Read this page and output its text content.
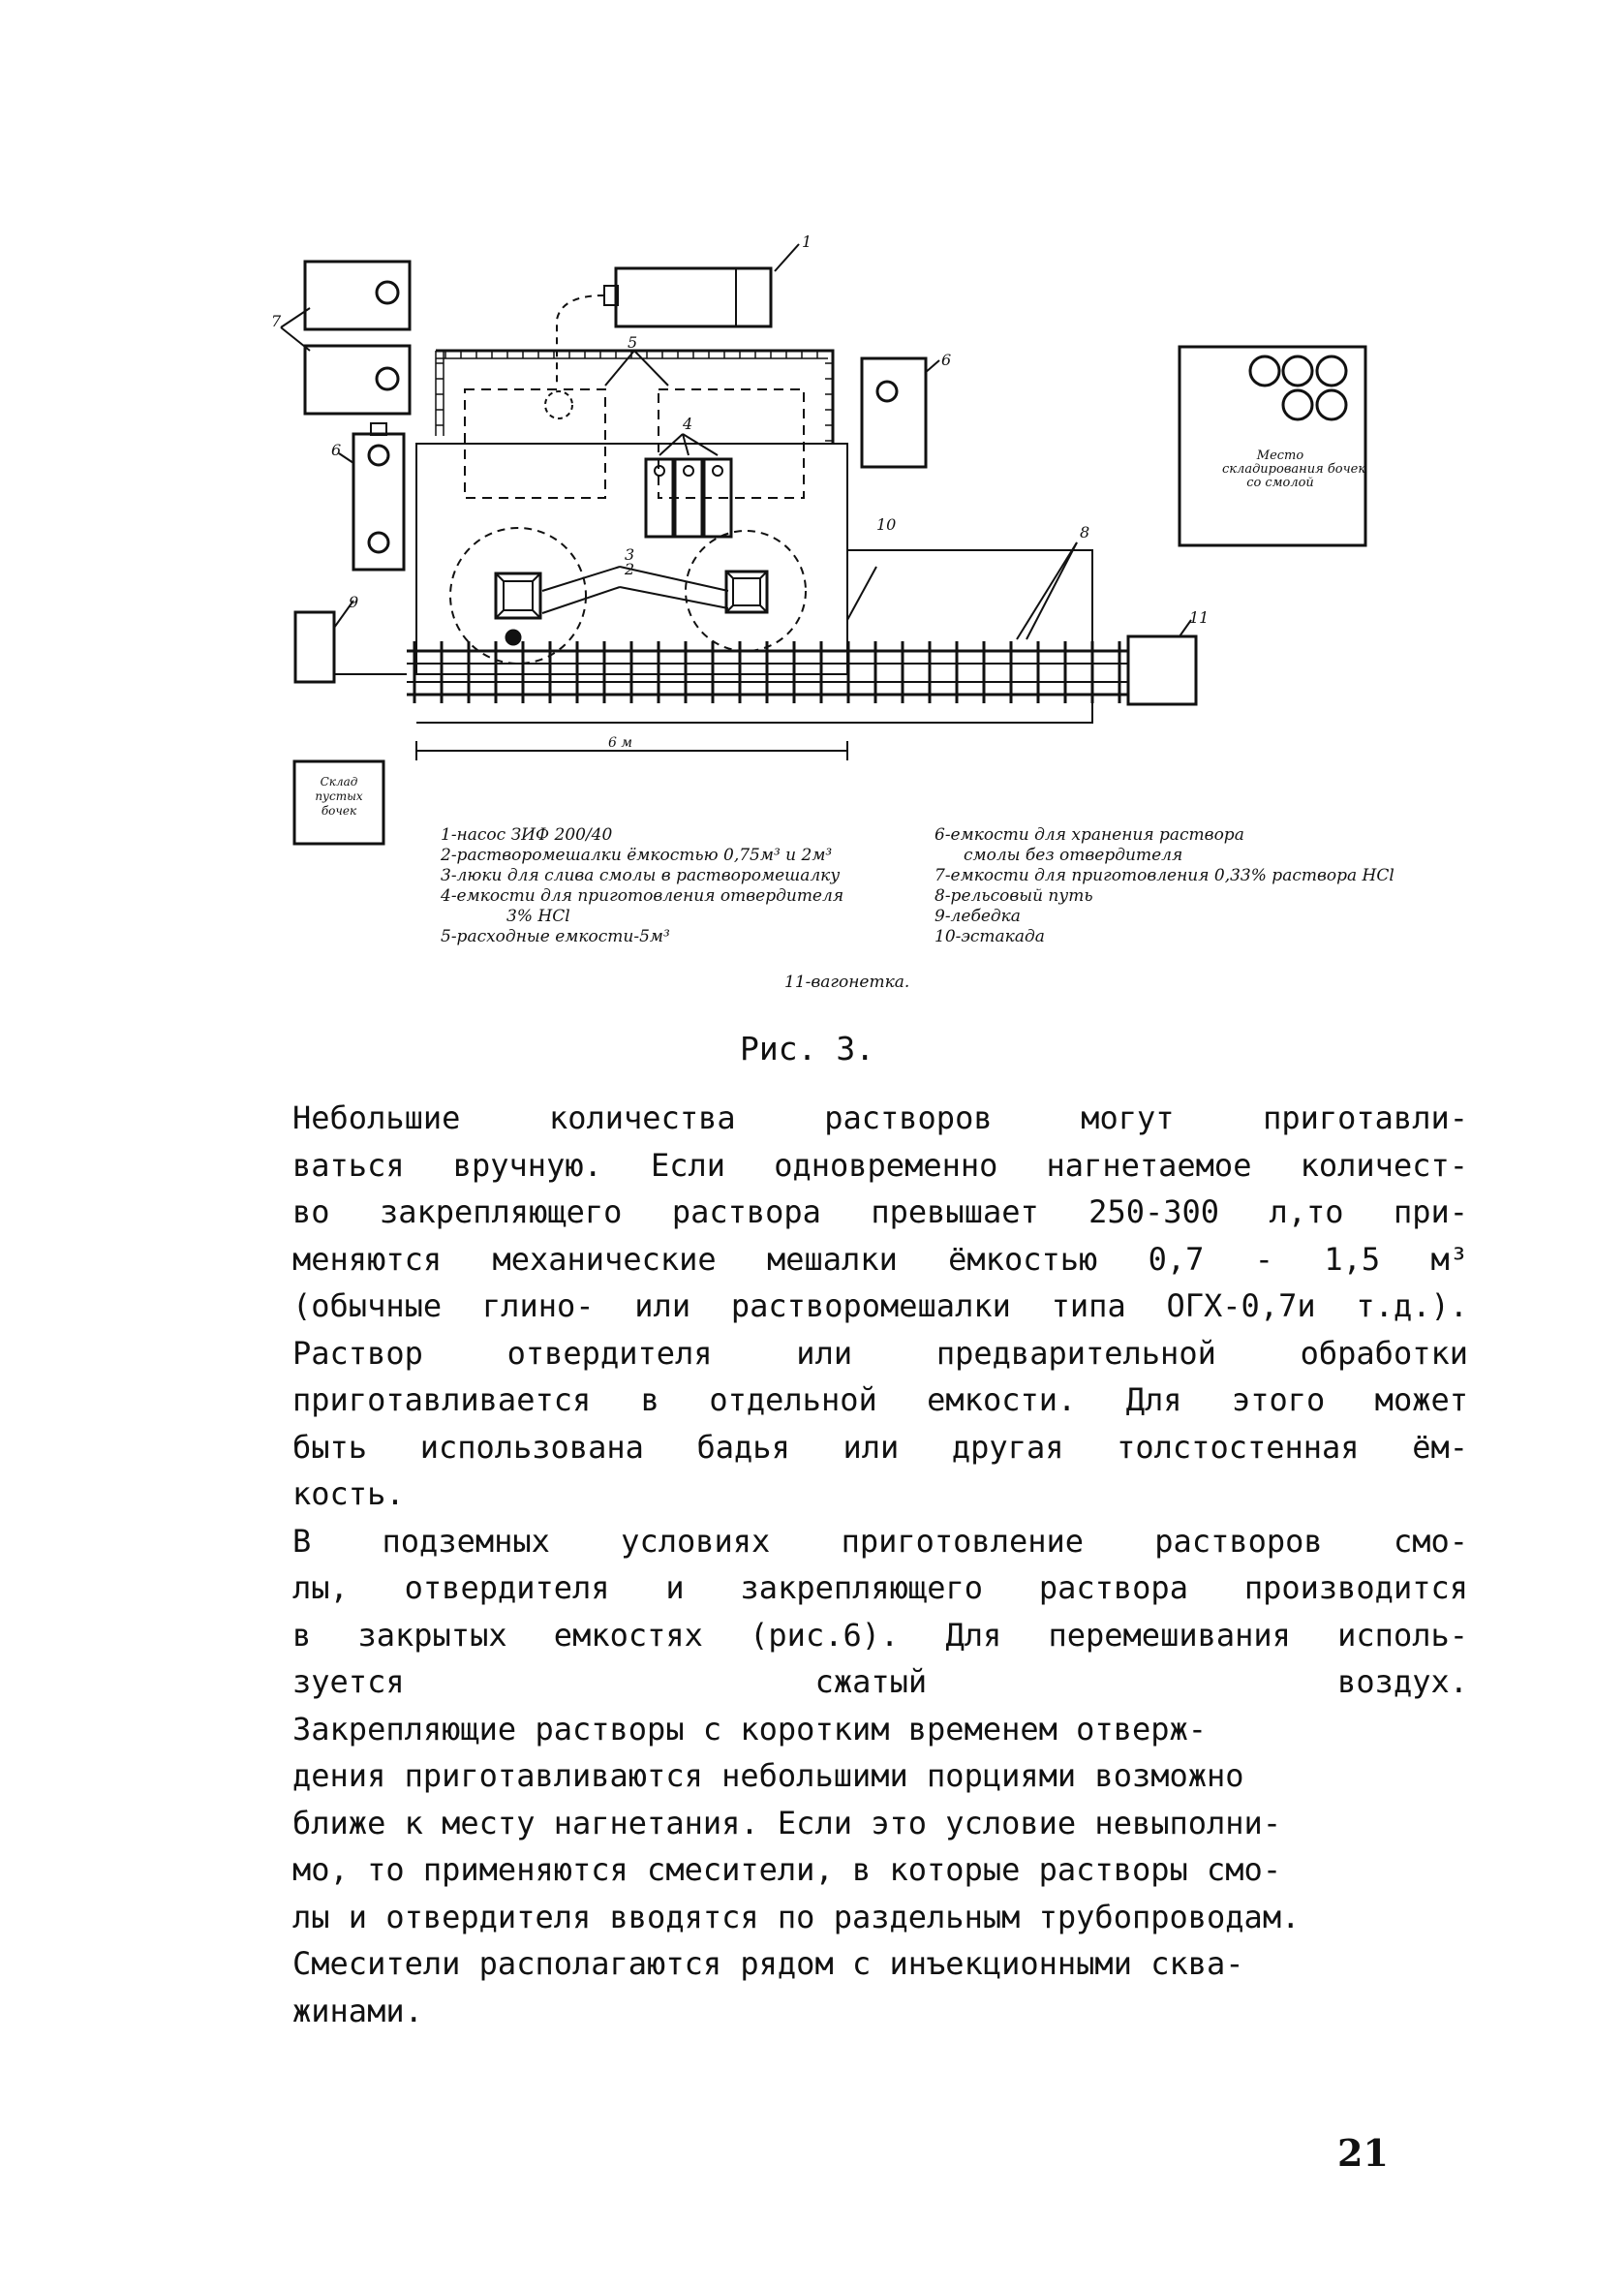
1
2
3
4
5
6
6
7
8
9
10
11
Место
складирования бочек
со смолой
Склад
пустых
бочек
6 м
1-насос ЗИФ 200/40
2-растворомешалки ёмкостью 0,75м³ и 2м³
3-люки для слива смолы в растворомешалку
4-емкости для приготовления отвердителя
3% HCl
5-расходные емкости-5м³
6-емкости для хранения раствора
смолы без отвердителя
7-емкости для приготовления 0,33% раствора HCl
8-рельсовый путь
9-лебедка
10-эстакада
11-вагонетка.
Рис. 3.

Небольшие количества растворов могут приготавли-
ваться вручную. Если одновременно нагнетаемое количест-
во закрепляющего раствора превышает 250-300 л,то при-
меняются механические мешалки ёмкостью 0,7 - 1,5 м³
(обычные глино- или растворомешалки типа ОГХ-0,7и т.д.).

Раствор отвердителя или предварительной обработки
приготавливается в отдельной емкости. Для этого может
быть использована бадья или другая толстостенная ём-
кость.

В подземных условиях приготовление растворов смо-
лы, отвердителя и закрепляющего раствора производится
в закрытых емкостях (рис.6). Для перемешивания исполь-
зуется сжатый воздух.

Закрепляющие растворы с коротким временем отверж-
дения приготавливаются небольшими порциями возможно
ближе к месту нагнетания. Если это условие невыполни-
мо, то применяются смесители, в которые растворы смо-
лы и отвердителя вводятся по раздельным трубопроводам.
Смесители располагаются рядом с инъекционными сква-
жинами.

21
